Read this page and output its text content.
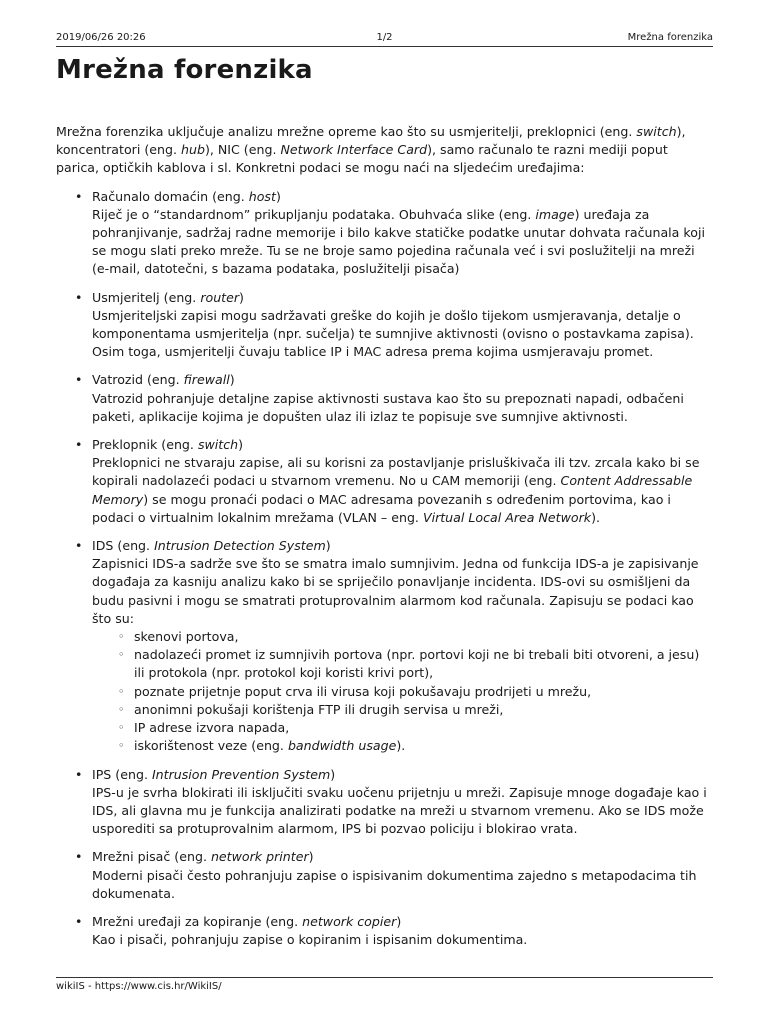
2019/06/26 20:26	1/2	Mrežna forenzika
Mrežna forenzika

Mrežna forenzika uključuje analizu mrežne opreme kao što su usmjeritelji, preklopnici (eng. switch), koncentratori (eng. hub), NIC (eng. Network Interface Card), samo računalo te razni mediji poput parica, optičkih kablova i sl. Konkretni podaci se mogu naći na sljedećim uređajima:

• Računalo domaćin (eng. host)
Riječ je o “standardnom” prikupljanju podataka. Obuhvaća slike (eng. image) uređaja za pohranjivanje, sadržaj radne memorije i bilo kakve statičke podatke unutar dohvata računala koji se mogu slati preko mreže. Tu se ne broje samo pojedina računala već i svi poslužitelji na mreži (e-mail, datotečni, s bazama podataka, poslužitelji pisača)
• Usmjeritelj (eng. router)
Usmjeriteljski zapisi mogu sadržavati greške do kojih je došlo tijekom usmjeravanja, detalje o komponentama usmjeritelja (npr. sučelja) te sumnjive aktivnosti (ovisno o postavkama zapisa). Osim toga, usmjeritelji čuvaju tablice IP i MAC adresa prema kojima usmjeravaju promet.
• Vatrozid (eng. firewall)
Vatrozid pohranjuje detaljne zapise aktivnosti sustava kao što su prepoznati napadi, odbačeni paketi, aplikacije kojima je dopušten ulaz ili izlaz te popisuje sve sumnjive aktivnosti.
• Preklopnik (eng. switch)
Preklopnici ne stvaraju zapise, ali su korisni za postavljanje prisluškivača ili tzv. zrcala kako bi se kopirali nadolazeći podaci u stvarnom vremenu. No u CAM memoriji (eng. Content Addressable Memory) se mogu pronaći podaci o MAC adresama povezanih s određenim portovima, kao i podaci o virtualnim lokalnim mrežama (VLAN – eng. Virtual Local Area Network).
• IDS (eng. Intrusion Detection System)
Zapisnici IDS-a sadrže sve što se smatra imalo sumnjivim. Jedna od funkcija IDS-a je zapisivanje događaja za kasniju analizu kako bi se spriječilo ponavljanje incidenta. IDS-ovi su osmišljeni da budu pasivni i mogu se smatrati protuprovalnim alarmom kod računala. Zapisuju se podaci kao što su:
◦ skenovi portova,
◦ nadolazeći promet iz sumnjivih portova (npr. portovi koji ne bi trebali biti otvoreni, a jesu) ili protokola (npr. protokol koji koristi krivi port),
◦ poznate prijetnje poput crva ili virusa koji pokušavaju prodrijeti u mrežu,
◦ anonimni pokušaji korištenja FTP ili drugih servisa u mreži,
◦ IP adrese izvora napada,
◦ iskorištenost veze (eng. bandwidth usage).
• IPS (eng. Intrusion Prevention System)
IPS-u je svrha blokirati ili isključiti svaku uočenu prijetnju u mreži. Zapisuje mnoge događaje kao i IDS, ali glavna mu je funkcija analizirati podatke na mreži u stvarnom vremenu. Ako se IDS može usporediti sa protuprovalnim alarmom, IPS bi pozvao policiju i blokirao vrata.
• Mrežni pisač (eng. network printer)
Moderni pisači često pohranjuju zapise o ispisivanim dokumentima zajedno s metapodacima tih dokumenata.
• Mrežni uređaji za kopiranje (eng. network copier)
Kao i pisači, pohranjuju zapise o kopiranim i ispisanim dokumentima.
wikiIS - https://www.cis.hr/WikiIS/
